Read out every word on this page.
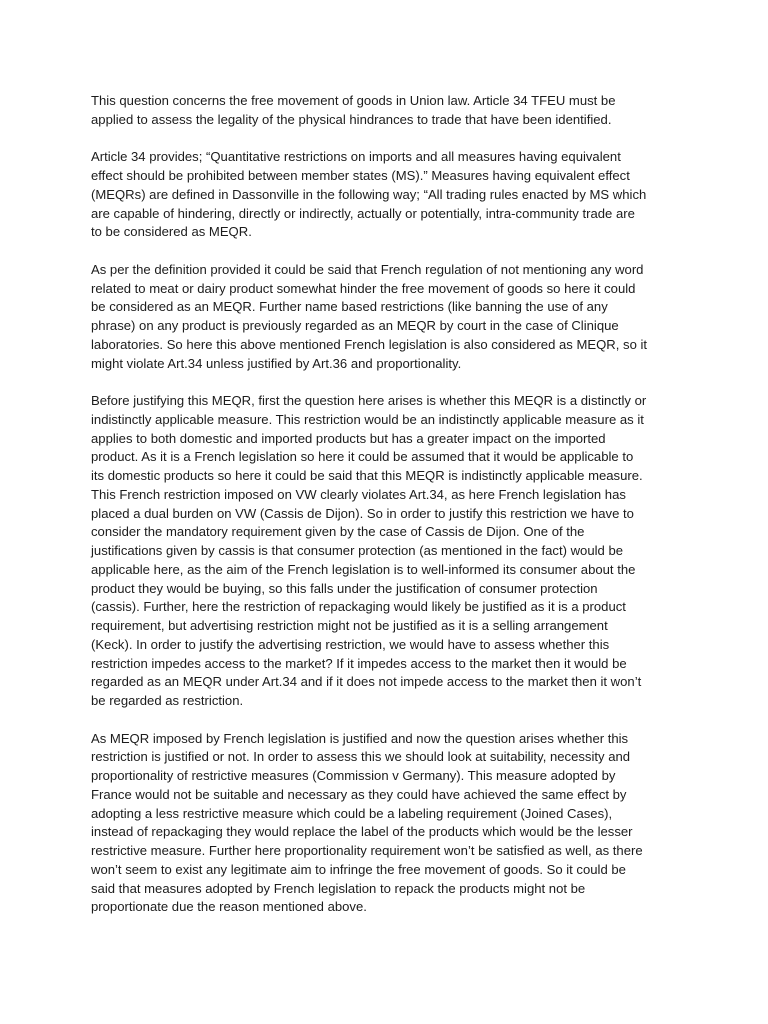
This question concerns the free movement of goods in Union law. Article 34 TFEU must be
applied to assess the legality of the physical hindrances to trade that have been identified.

Article 34 provides; “Quantitative restrictions on imports and all measures having equivalent
effect should be prohibited between member states (MS).” Measures having equivalent effect
(MEQRs) are defined in Dassonville in the following way; “All trading rules enacted by MS which
are capable of hindering, directly or indirectly, actually or potentially, intra-community trade are
to be considered as MEQR.

As per the definition provided it could be said that French regulation of not mentioning any word
related to meat or dairy product somewhat hinder the free movement of goods so here it could
be considered as an MEQR. Further name based restrictions (like banning the use of any
phrase) on any product is previously regarded as an MEQR by court in the case of Clinique
laboratories. So here this above mentioned French legislation is also considered as MEQR, so it
might violate Art.34 unless justified by Art.36 and proportionality.

Before justifying this MEQR, first the question here arises is whether this MEQR is a distinctly or
indistinctly applicable measure. This restriction would be an indistinctly applicable measure as it
applies to both domestic and imported products but has a greater impact on the imported
product. As it is a French legislation so here it could be assumed that it would be applicable to
its domestic products so here it could be said that this MEQR is indistinctly applicable measure.
This French restriction imposed on VW clearly violates Art.34, as here French legislation has
placed a dual burden on VW (Cassis de Dijon). So in order to justify this restriction we have to
consider the mandatory requirement given by the case of Cassis de Dijon. One of the
justifications given by cassis is that consumer protection (as mentioned in the fact) would be
applicable here, as the aim of the French legislation is to well-informed its consumer about the
product they would be buying, so this falls under the justification of consumer protection
(cassis). Further, here the restriction of repackaging would likely be justified as it is a product
requirement, but advertising restriction might not be justified as it is a selling arrangement
(Keck). In order to justify the advertising restriction, we would have to assess whether this
restriction impedes access to the market? If it impedes access to the market then it would be
regarded as an MEQR under Art.34 and if it does not impede access to the market then it won’t
be regarded as restriction.

As MEQR imposed by French legislation is justified and now the question arises whether this
restriction is justified or not. In order to assess this we should look at suitability, necessity and
proportionality of restrictive measures (Commission v Germany). This measure adopted by
France would not be suitable and necessary as they could have achieved the same effect by
adopting a less restrictive measure which could be a labeling requirement (Joined Cases),
instead of repackaging they would replace the label of the products which would be the lesser
restrictive measure. Further here proportionality requirement won’t be satisfied as well, as there
won’t seem to exist any legitimate aim to infringe the free movement of goods. So it could be
said that measures adopted by French legislation to repack the products might not be
proportionate due the reason mentioned above.
